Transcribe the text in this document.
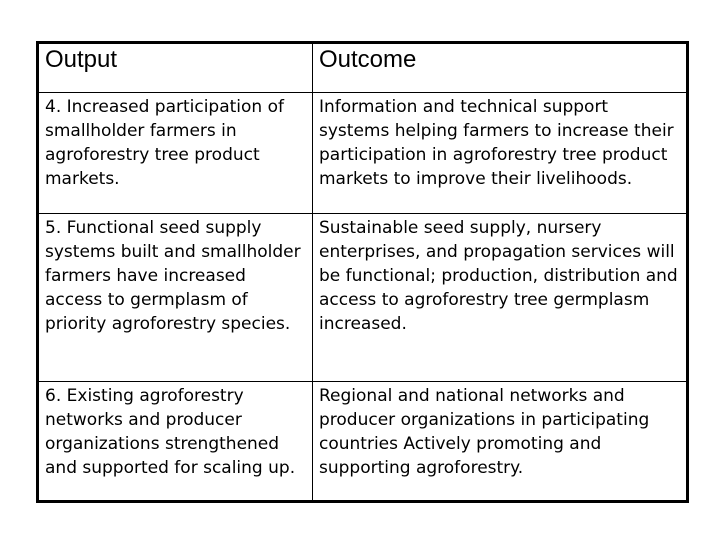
Output	Outcome
4. Increased participation of smallholder farmers in agroforestry tree product markets.	Information and technical support systems helping farmers to increase their participation in agroforestry tree product markets to improve their livelihoods.
5. Functional seed supply systems built and smallholder farmers have increased access to germplasm of priority agroforestry species.	Sustainable seed supply, nursery enterprises, and propagation services will be functional; production, distribution and access to agroforestry tree germplasm increased.
6. Existing agroforestry networks and producer organizations strengthened and supported for scaling up.	Regional and national networks and producer organizations in participating countries Actively promoting and supporting agroforestry.
